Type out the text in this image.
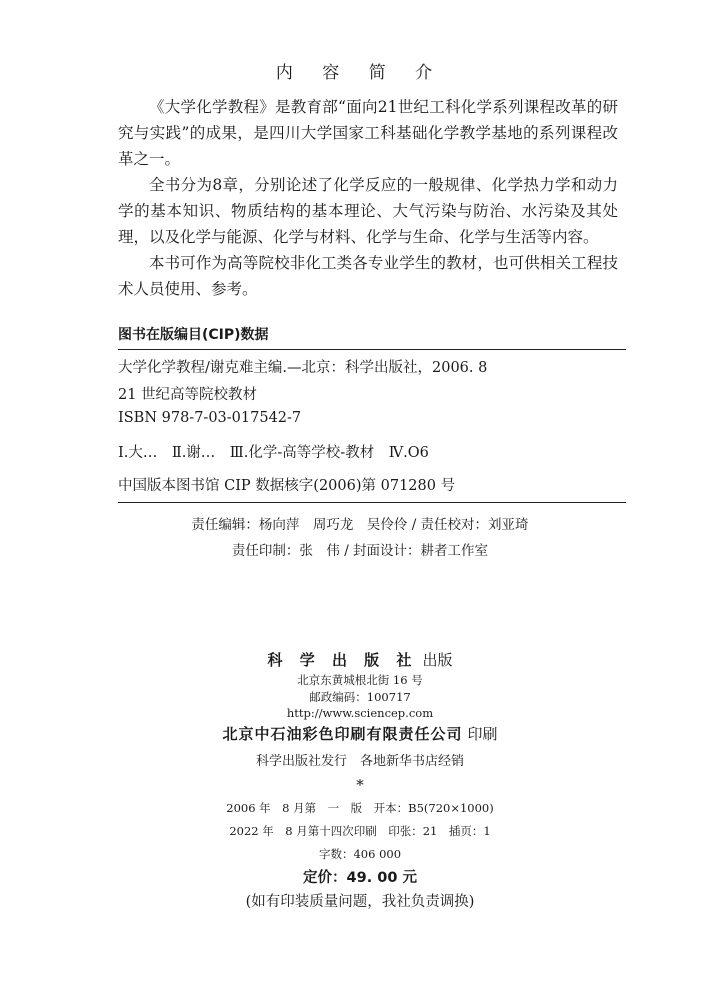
内 容 简 介

《大学化学教程》是教育部“面向21世纪工科化学系列课程改革的研究与实践”的成果，是四川大学国家工科基础化学教学基地的系列课程改革之一。

全书分为8章，分别论述了化学反应的一般规律、化学热力学和动力学的基本知识、物质结构的基本理论、大气污染与防治、水污染及其处理，以及化学与能源、化学与材料、化学与生命、化学与生活等内容。

本书可作为高等院校非化工类各专业学生的教材，也可供相关工程技术人员使用、参考。

图书在版编目(CIP)数据
大学化学教程/谢克难主编.—北京：科学出版社，2006. 8
21 世纪高等院校教材
ISBN 978-7-03-017542-7
Ⅰ.大…　Ⅱ.谢…　Ⅲ.化学-高等学校-教材　Ⅳ.O6
中国版本图书馆 CIP 数据核字(2006)第 071280 号
责任编辑：杨向萍　周巧龙　吴伶伶 / 责任校对：刘亚琦
责任印制：张　伟 / 封面设计：耕者工作室
科 学 出 版 社 出版
北京东黄城根北街 16 号
邮政编码：100717
http://www.sciencep.com
北京中石油彩色印刷有限责任公司 印刷
科学出版社发行　各地新华书店经销
*
2006 年　8 月第　一　版　开本：B5(720×1000)
2022 年　8 月第十四次印刷　印张：21　插页：1
字数：406 000
定价：49. 00 元
(如有印装质量问题，我社负责调换)
